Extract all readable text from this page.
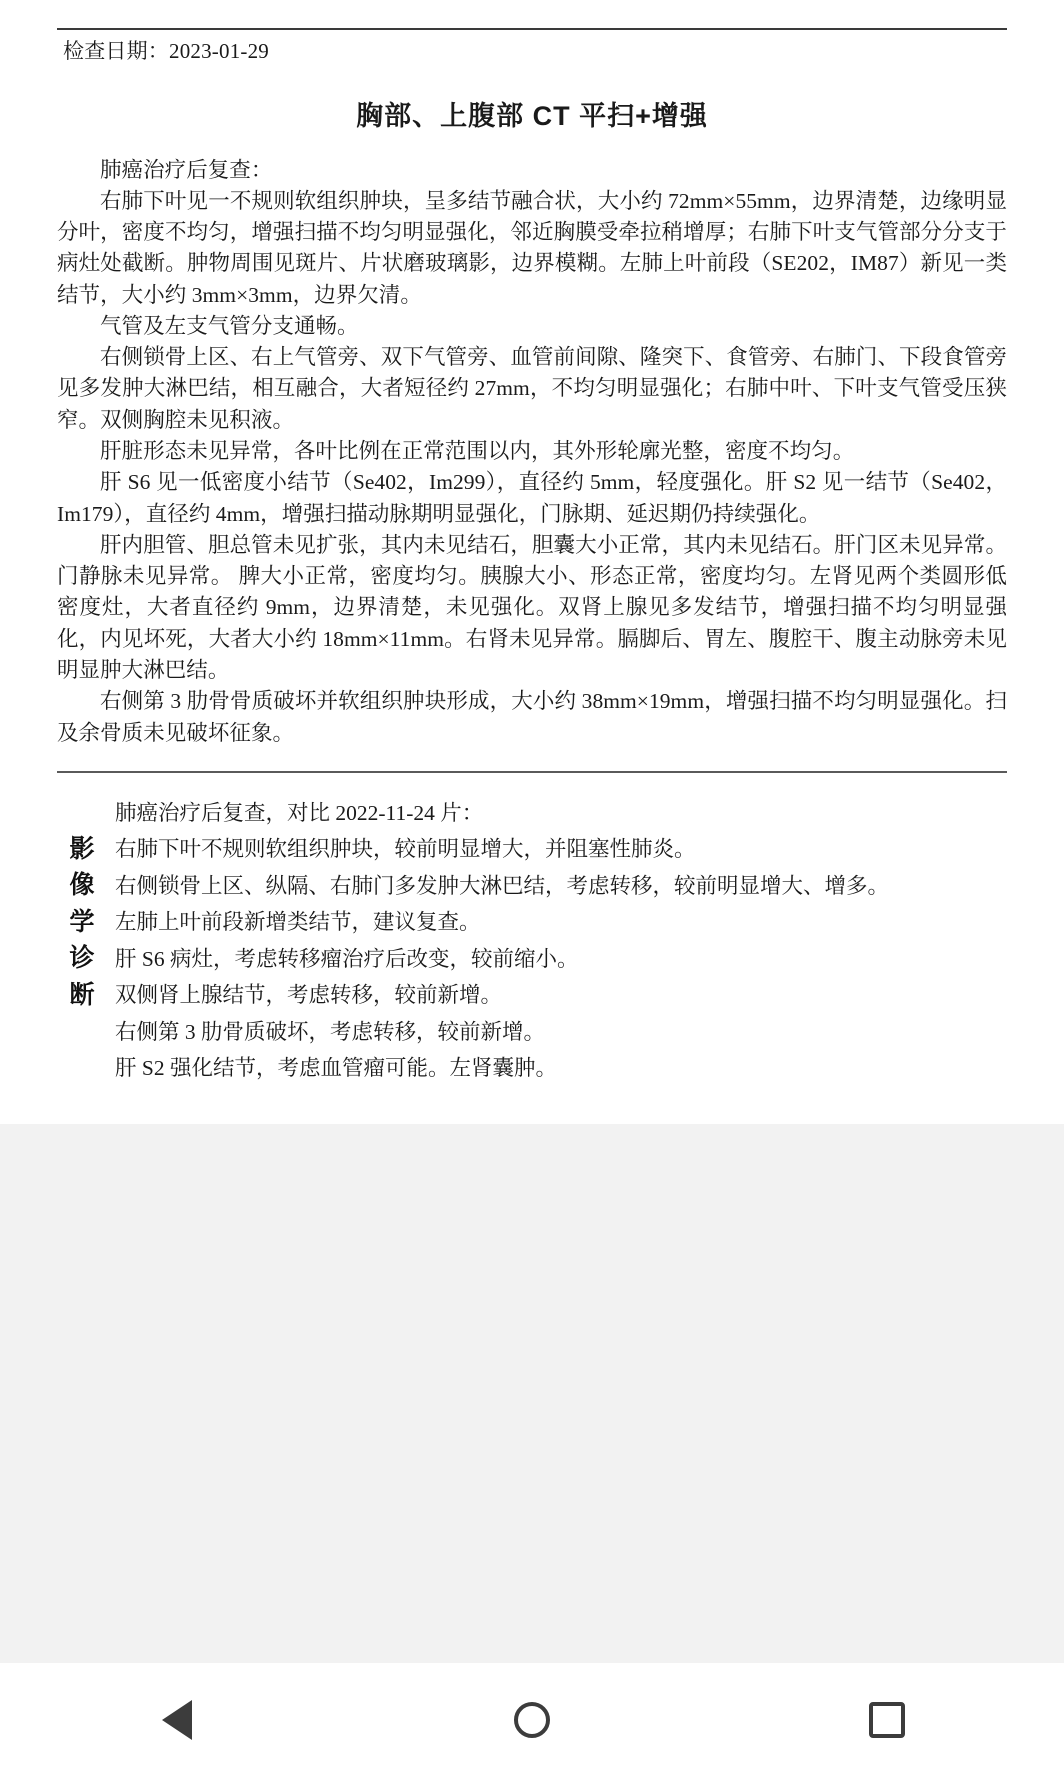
检查日期：2023-01-29
胸部、上腹部 CT 平扫+增强

肺癌治疗后复查：

右肺下叶见一不规则软组织肿块，呈多结节融合状，大小约 72mm×55mm，边界清楚，边缘明显分叶，密度不均匀，增强扫描不均匀明显强化，邻近胸膜受牵拉稍增厚；右肺下叶支气管部分分支于病灶处截断。肿物周围见斑片、片状磨玻璃影，边界模糊。左肺上叶前段（SE202，IM87）新见一类结节，大小约 3mm×3mm，边界欠清。

气管及左支气管分支通畅。

右侧锁骨上区、右上气管旁、双下气管旁、血管前间隙、隆突下、食管旁、右肺门、下段食管旁见多发肿大淋巴结，相互融合，大者短径约 27mm，不均匀明显强化；右肺中叶、下叶支气管受压狭窄。双侧胸腔未见积液。

肝脏形态未见异常，各叶比例在正常范围以内，其外形轮廓光整，密度不均匀。

肝 S6 见一低密度小结节（Se402，Im299），直径约 5mm，轻度强化。肝 S2 见一结节（Se402，Im179），直径约 4mm，增强扫描动脉期明显强化，门脉期、延迟期仍持续强化。

肝内胆管、胆总管未见扩张，其内未见结石，胆囊大小正常，其内未见结石。肝门区未见异常。门静脉未见异常。 脾大小正常，密度均匀。胰腺大小、形态正常，密度均匀。左肾见两个类圆形低密度灶，大者直径约 9mm，边界清楚，未见强化。双肾上腺见多发结节，增强扫描不均匀明显强化，内见坏死，大者大小约 18mm×11mm。右肾未见异常。膈脚后、胃左、腹腔干、腹主动脉旁未见明显肿大淋巴结。

右侧第 3 肋骨骨质破坏并软组织肿块形成，大小约 38mm×19mm，增强扫描不均匀明显强化。扫及余骨质未见破坏征象。

影
像
学
诊
断

肺癌治疗后复查，对比 2022-11-24 片：

右肺下叶不规则软组织肿块，较前明显增大，并阻塞性肺炎。

右侧锁骨上区、纵隔、右肺门多发肿大淋巴结，考虑转移，较前明显增大、增多。

左肺上叶前段新增类结节，建议复查。

肝 S6 病灶，考虑转移瘤治疗后改变，较前缩小。

双侧肾上腺结节，考虑转移，较前新增。

右侧第 3 肋骨质破坏，考虑转移，较前新增。

肝 S2 强化结节，考虑血管瘤可能。左肾囊肿。
